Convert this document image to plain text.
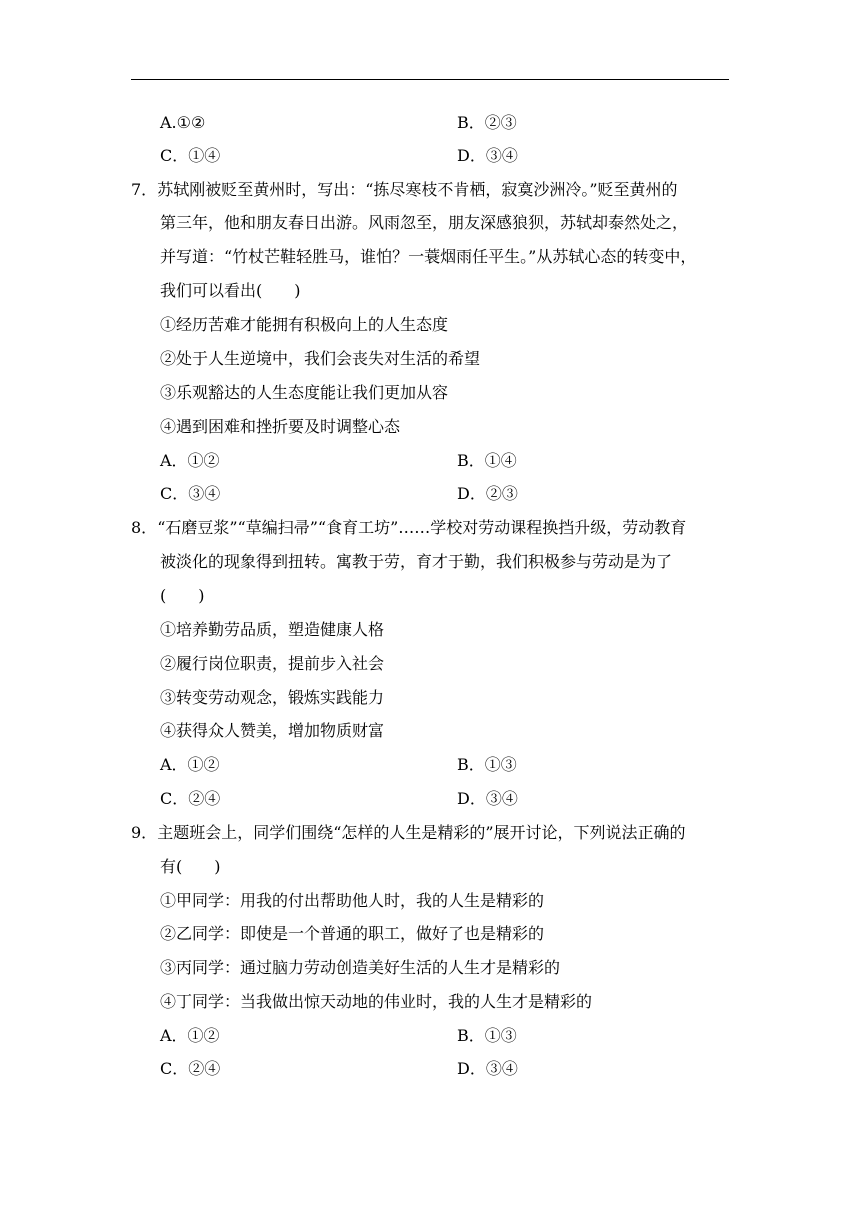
A.①②	B．②③
C．①④	D．③④
7．苏轼刚被贬至黄州时，写出：“拣尽寒枝不肯栖，寂寞沙洲冷。”贬至黄州的
第三年，他和朋友春日出游。风雨忽至，朋友深感狼狈，苏轼却泰然处之，
并写道：“竹杖芒鞋轻胜马，谁怕？一蓑烟雨任平生。”从苏轼心态的转变中，
我们可以看出(　　)
①经历苦难才能拥有积极向上的人生态度
②处于人生逆境中，我们会丧失对生活的希望
③乐观豁达的人生态度能让我们更加从容
④遇到困难和挫折要及时调整心态
A．①②	B．①④
C．③④	D．②③
8．“石磨豆浆”“草编扫帚”“食育工坊”……学校对劳动课程换挡升级，劳动教育
被淡化的现象得到扭转。寓教于劳，育才于勤，我们积极参与劳动是为了
(　　)
①培养勤劳品质，塑造健康人格
②履行岗位职责，提前步入社会
③转变劳动观念，锻炼实践能力
④获得众人赞美，增加物质财富
A．①②	B．①③
C．②④	D．③④
9．主题班会上，同学们围绕“怎样的人生是精彩的”展开讨论，下列说法正确的
有(　　)
①甲同学：用我的付出帮助他人时，我的人生是精彩的
②乙同学：即使是一个普通的职工，做好了也是精彩的
③丙同学：通过脑力劳动创造美好生活的人生才是精彩的
④丁同学：当我做出惊天动地的伟业时，我的人生才是精彩的
A．①②	B．①③
C．②④	D．③④
